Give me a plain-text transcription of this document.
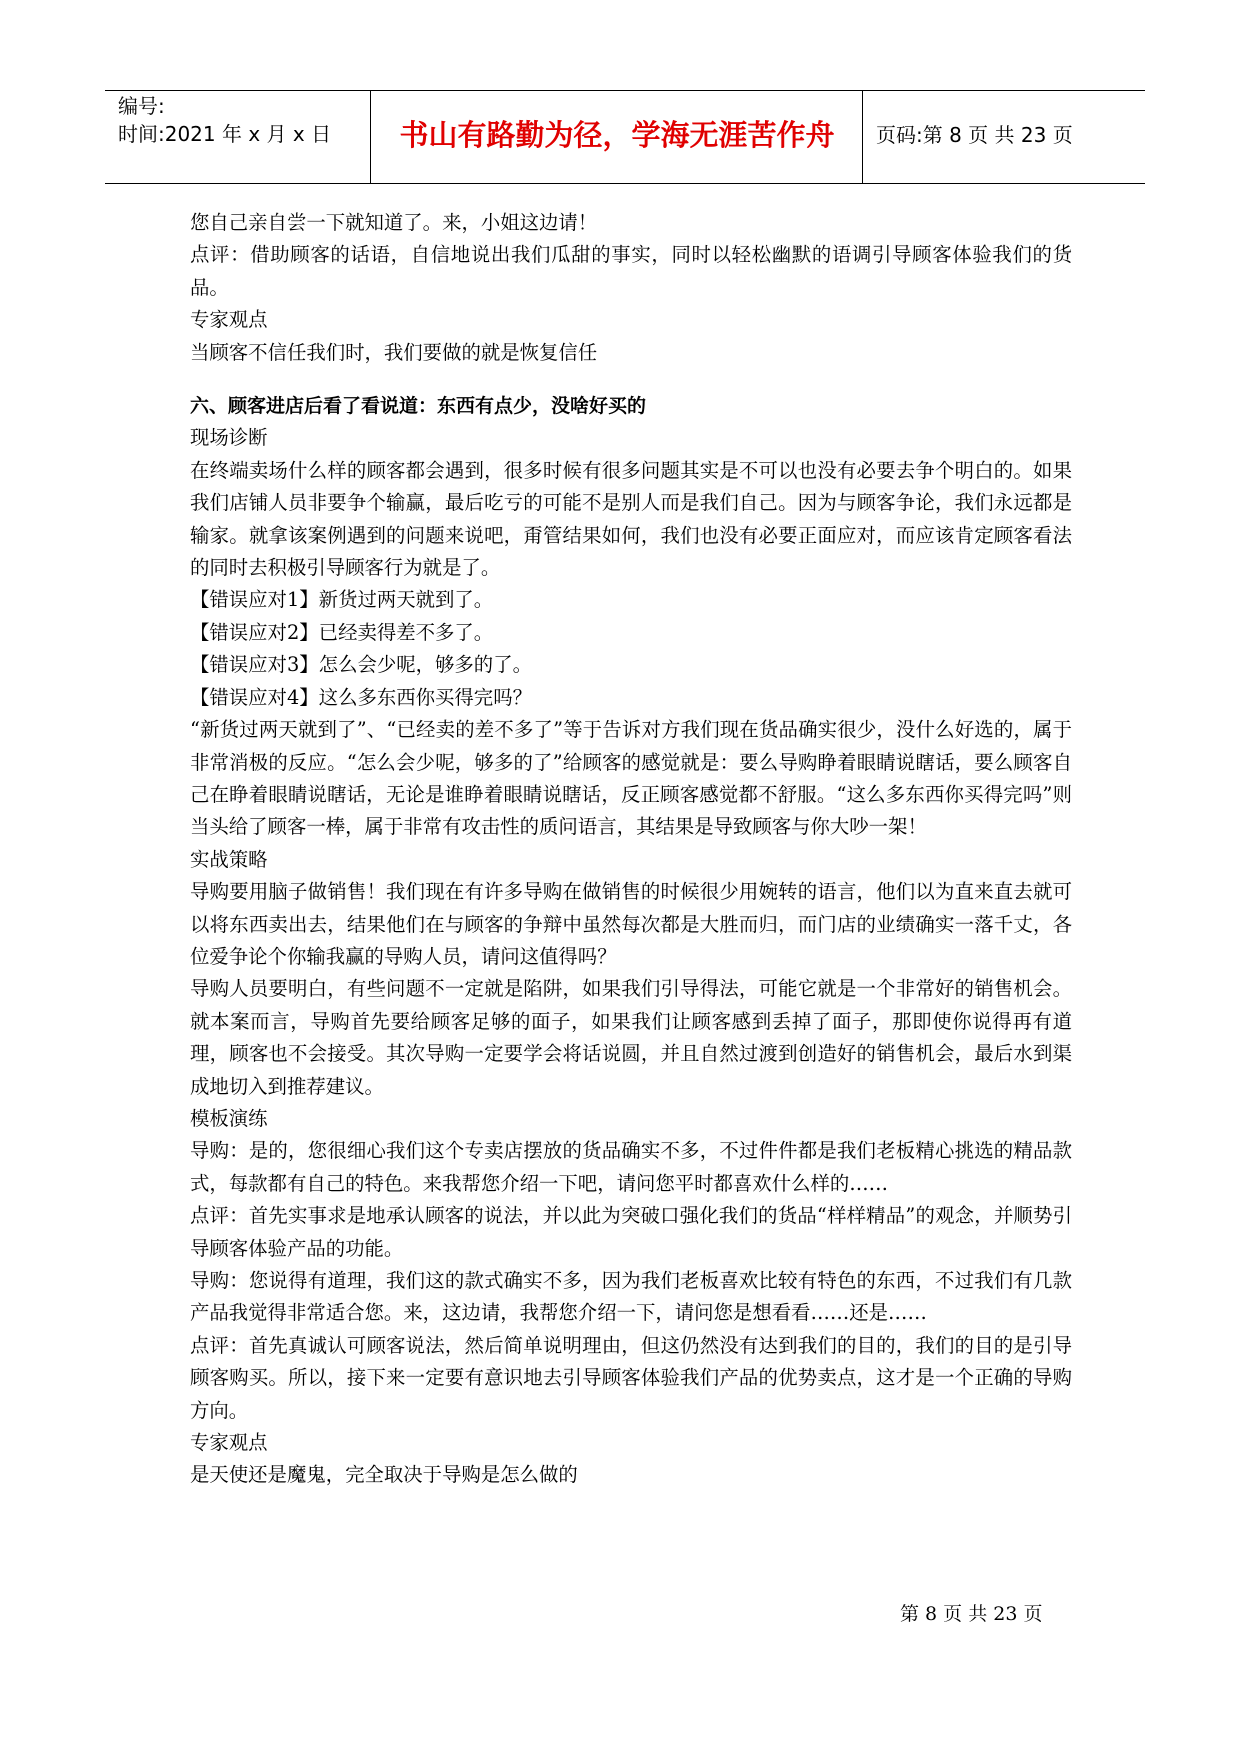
编号:
时间:2021 年 x 月 x 日	书山有路勤为径，学海无涯苦作舟	页码:第 8 页 共 23 页

您自己亲自尝一下就知道了。来，小姐这边请！

点评：借助顾客的话语，自信地说出我们瓜甜的事实，同时以轻松幽默的语调引导顾客体验我们的货品。

专家观点

当顾客不信任我们时，我们要做的就是恢复信任

六、顾客进店后看了看说道：东西有点少，没啥好买的

现场诊断

在终端卖场什么样的顾客都会遇到，很多时候有很多问题其实是不可以也没有必要去争个明白的。如果我们店铺人员非要争个输赢，最后吃亏的可能不是别人而是我们自己。因为与顾客争论，我们永远都是输家。就拿该案例遇到的问题来说吧，甭管结果如何，我们也没有必要正面应对，而应该肯定顾客看法的同时去积极引导顾客行为就是了。

【错误应对1】新货过两天就到了。

【错误应对2】已经卖得差不多了。

【错误应对3】怎么会少呢，够多的了。

【错误应对4】这么多东西你买得完吗？

“新货过两天就到了”、“已经卖的差不多了”等于告诉对方我们现在货品确实很少，没什么好选的，属于非常消极的反应。“怎么会少呢，够多的了”给顾客的感觉就是：要么导购睁着眼睛说瞎话，要么顾客自己在睁着眼睛说瞎话，无论是谁睁着眼睛说瞎话，反正顾客感觉都不舒服。“这么多东西你买得完吗”则当头给了顾客一棒，属于非常有攻击性的质问语言，其结果是导致顾客与你大吵一架！

实战策略

导购要用脑子做销售！我们现在有许多导购在做销售的时候很少用婉转的语言，他们以为直来直去就可以将东西卖出去，结果他们在与顾客的争辩中虽然每次都是大胜而归，而门店的业绩确实一落千丈，各位爱争论个你输我赢的导购人员，请问这值得吗？

导购人员要明白，有些问题不一定就是陷阱，如果我们引导得法，可能它就是一个非常好的销售机会。就本案而言，导购首先要给顾客足够的面子，如果我们让顾客感到丢掉了面子，那即使你说得再有道理，顾客也不会接受。其次导购一定要学会将话说圆，并且自然过渡到创造好的销售机会，最后水到渠成地切入到推荐建议。

模板演练

导购：是的，您很细心我们这个专卖店摆放的货品确实不多，不过件件都是我们老板精心挑选的精品款式，每款都有自己的特色。来我帮您介绍一下吧，请问您平时都喜欢什么样的……

点评：首先实事求是地承认顾客的说法，并以此为突破口强化我们的货品“样样精品”的观念，并顺势引导顾客体验产品的功能。

导购：您说得有道理，我们这的款式确实不多，因为我们老板喜欢比较有特色的东西，不过我们有几款产品我觉得非常适合您。来，这边请，我帮您介绍一下，请问您是想看看……还是……

点评：首先真诚认可顾客说法，然后简单说明理由，但这仍然没有达到我们的目的，我们的目的是引导顾客购买。所以，接下来一定要有意识地去引导顾客体验我们产品的优势卖点，这才是一个正确的导购方向。

专家观点

是天使还是魔鬼，完全取决于导购是怎么做的

第 8 页 共 23 页
